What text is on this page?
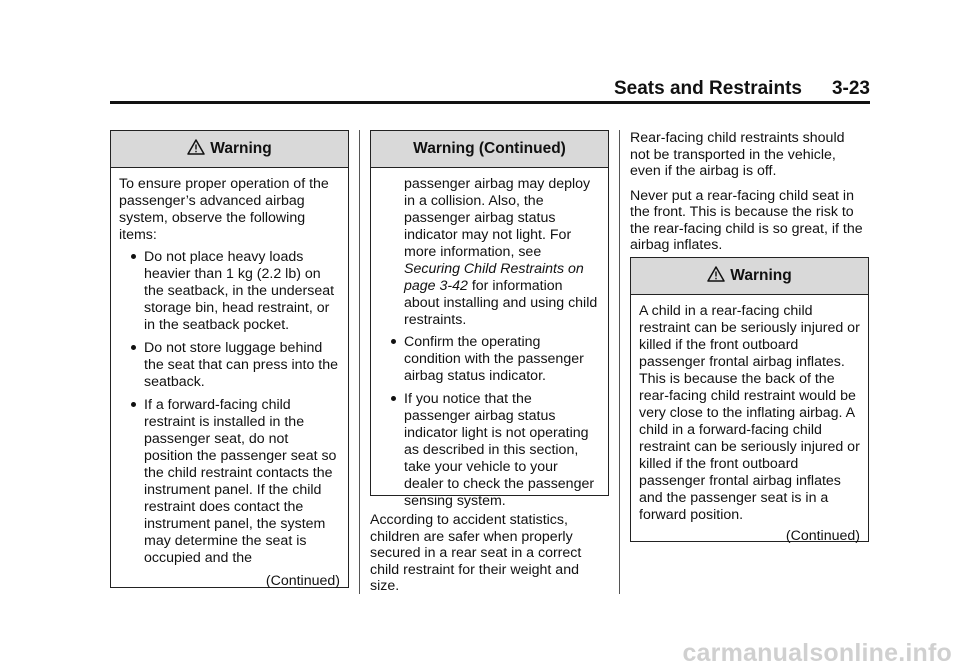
Seats and Restraints 3-23
Warning

To ensure proper operation of the passenger’s advanced airbag system, observe the following items:

Do not place heavy loads heavier than 1 kg (2.2 lb) on the seatback, in the underseat storage bin, head restraint, or in the seatback pocket.
Do not store luggage behind the seat that can press into the seatback.
If a forward-facing child restraint is installed in the passenger seat, do not position the passenger seat so the child restraint contacts the instrument panel. If the child restraint does contact the instrument panel, the system may determine the seat is occupied and the
(Continued)
Warning (Continued)

passenger airbag may deploy in a collision. Also, the passenger airbag status indicator may not light. For more information, see Securing Child Restraints on page 3-42 for information about installing and using child restraints.

Confirm the operating condition with the passenger airbag status indicator.
If you notice that the passenger airbag status indicator light is not operating as described in this section, take your vehicle to your dealer to check the passenger sensing system.

According to accident statistics, children are safer when properly secured in a rear seat in a correct child restraint for their weight and size.

Rear-facing child restraints should not be transported in the vehicle, even if the airbag is off.

Never put a rear-facing child seat in the front. This is because the risk to the rear-facing child is so great, if the airbag inflates.

Warning

A child in a rear-facing child restraint can be seriously injured or killed if the front outboard passenger frontal airbag inflates. This is because the back of the rear-facing child restraint would be very close to the inflating airbag. A child in a forward-facing child restraint can be seriously injured or killed if the front outboard passenger frontal airbag inflates and the passenger seat is in a forward position.

(Continued)
carmanualsonline.info
